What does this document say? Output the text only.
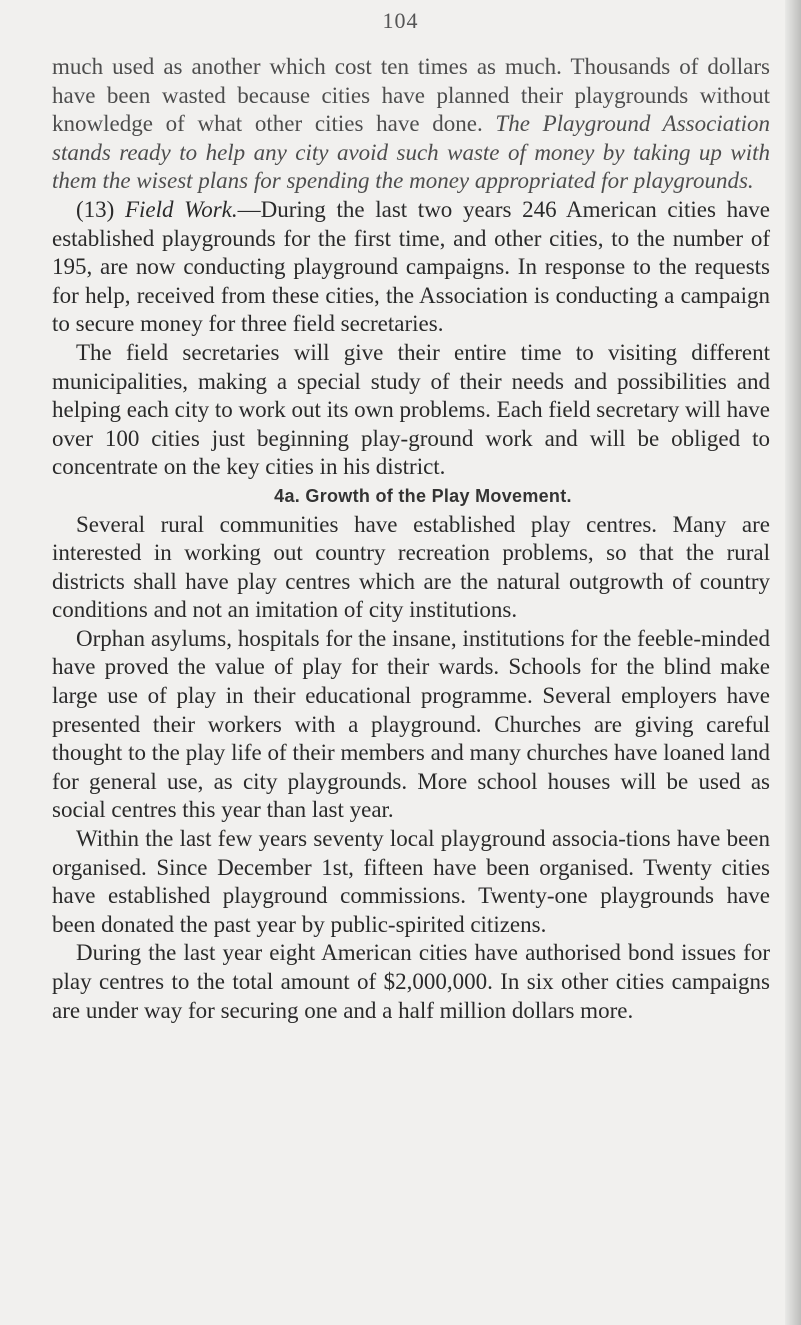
104

much used as another which cost ten times as much. Thousands of dollars have been wasted because cities have planned their playgrounds without knowledge of what other cities have done. The Playground Association stands ready to help any city avoid such waste of money by taking up with them the wisest plans for spending the money appropriated for playgrounds.

(13) Field Work.—During the last two years 246 American cities have established playgrounds for the first time, and other cities, to the number of 195, are now conducting playground campaigns. In response to the requests for help, received from these cities, the Association is conducting a campaign to secure money for three field secretaries.

The field secretaries will give their entire time to visiting different municipalities, making a special study of their needs and possibilities and helping each city to work out its own problems. Each field secretary will have over 100 cities just beginning play-ground work and will be obliged to concentrate on the key cities in his district.

4a. Growth of the Play Movement.

Several rural communities have established play centres. Many are interested in working out country recreation problems, so that the rural districts shall have play centres which are the natural outgrowth of country conditions and not an imitation of city institutions.

Orphan asylums, hospitals for the insane, institutions for the feeble-minded have proved the value of play for their wards. Schools for the blind make large use of play in their educational programme. Several employers have presented their workers with a playground. Churches are giving careful thought to the play life of their members and many churches have loaned land for general use, as city playgrounds. More school houses will be used as social centres this year than last year.

Within the last few years seventy local playground associa-tions have been organised. Since December 1st, fifteen have been organised. Twenty cities have established playground commissions. Twenty-one playgrounds have been donated the past year by public-spirited citizens.

During the last year eight American cities have authorised bond issues for play centres to the total amount of $2,000,000. In six other cities campaigns are under way for securing one and a half million dollars more.
